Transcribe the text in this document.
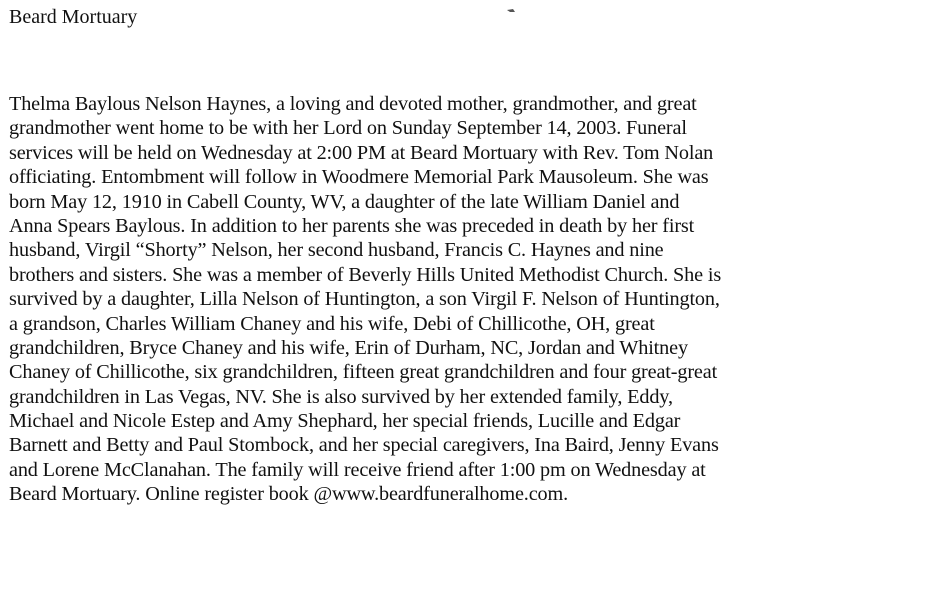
Beard Mortuary
Thelma Baylous Nelson Haynes, a loving and devoted mother, grandmother, and great
grandmother went home to be with her Lord on Sunday September 14, 2003. Funeral
services will be held on Wednesday at 2:00 PM at Beard Mortuary with Rev. Tom Nolan
officiating. Entombment will follow in Woodmere Memorial Park Mausoleum. She was
born May 12, 1910 in Cabell County, WV, a daughter of the late William Daniel and
Anna Spears Baylous. In addition to her parents she was preceded in death by her first
husband, Virgil “Shorty” Nelson, her second husband, Francis C. Haynes and nine
brothers and sisters. She was a member of Beverly Hills United Methodist Church. She is
survived by a daughter, Lilla Nelson of Huntington, a son Virgil F. Nelson of Huntington,
a grandson, Charles William Chaney and his wife, Debi of Chillicothe, OH, great
grandchildren, Bryce Chaney and his wife, Erin of Durham, NC, Jordan and Whitney
Chaney of Chillicothe, six grandchildren, fifteen great grandchildren and four great-great
grandchildren in Las Vegas, NV. She is also survived by her extended family, Eddy,
Michael and Nicole Estep and Amy Shephard, her special friends, Lucille and Edgar
Barnett and Betty and Paul Stombock, and her special caregivers, Ina Baird, Jenny Evans
and Lorene McClanahan. The family will receive friend after 1:00 pm on Wednesday at
Beard Mortuary. Online register book @www.beardfuneralhome.com.
